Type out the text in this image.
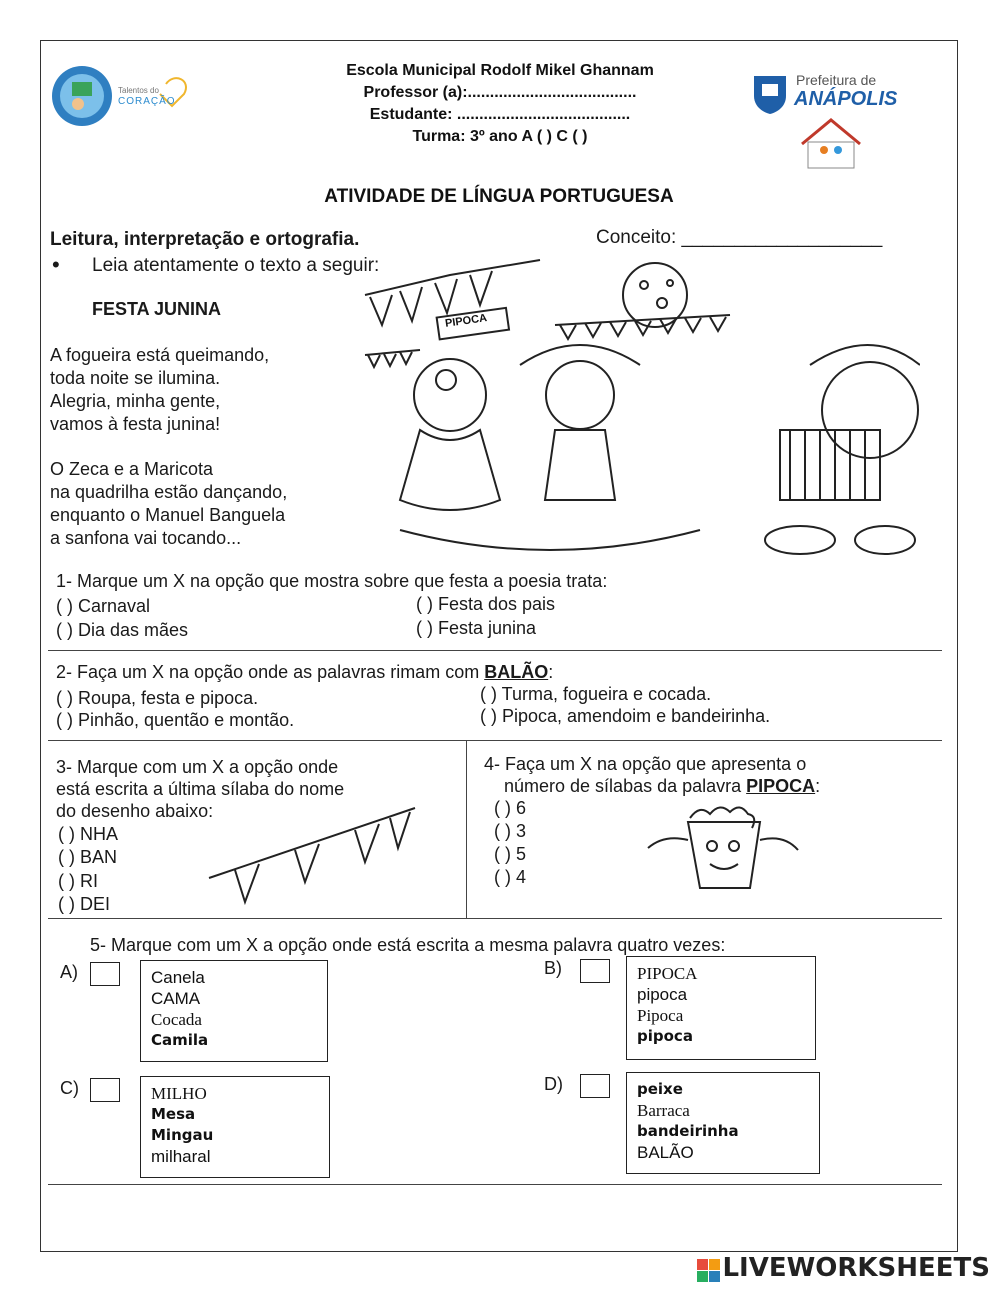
Talentos do
CORAÇÃO
Prefeitura de
ANÁPOLIS
Escola Municipal Rodolf Mikel Ghannam
Professor (a):......................................
Estudante: .......................................
Turma: 3º ano A ( ) C ( )
ATIVIDADE DE LÍNGUA PORTUGUESA
Leitura, interpretação e ortografia.	Conceito: ___________________
• Leia atentamente o texto a seguir:
FESTA JUNINA
A fogueira está queimando,
toda noite se ilumina.
Alegria, minha gente,
vamos à festa junina!
O Zeca e a Maricota
na quadrilha estão dançando,
enquanto o Manuel Banguela
a sanfona vai tocando...
PIPOCA
1- Marque um X na opção que mostra sobre que festa a poesia trata:
( ) Carnaval
( ) Dia das mães
( ) Festa dos pais
( ) Festa junina
2- Faça um X na opção onde as palavras rimam com BALÃO:
( ) Roupa, festa e pipoca.
( ) Pinhão, quentão e montão.
( ) Turma, fogueira e cocada.
( ) Pipoca, amendoim e bandeirinha.
3- Marque com um X a opção onde
está escrita a última sílaba do nome
do desenho abaixo:
( ) NHA
( ) BAN
( ) RI
( ) DEI
4- Faça um X na opção que apresenta o
número de sílabas da palavra PIPOCA:
( ) 6
( ) 3
( ) 5
( ) 4
5- Marque com um X a opção onde está escrita a mesma palavra quatro vezes:
A)	Canela
CAMA
Cocada
Camila
B)	PIPOCA
pipoca
Pipoca
pipoca
C)	MILHO
Mesa
Mingau
milharal
D)	peixe
Barraca
bandeirinha
BALÃO
LIVEWORKSHEETS
